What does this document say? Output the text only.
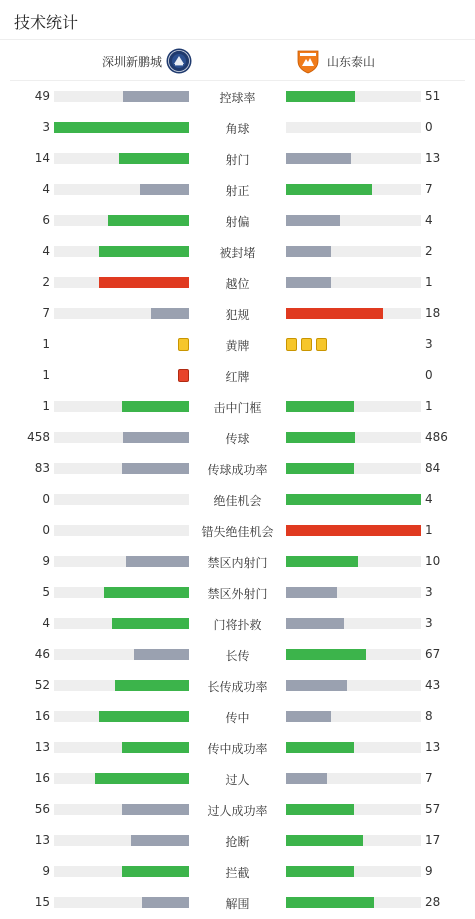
技术统计
深圳新鹏城	山东泰山
49	控球率	51
3	角球	0
14	射门	13
4	射正	7
6	射偏	4
4	被封堵	2
2	越位	1
7	犯规	18
1	黄牌	3
1	红牌	0
1	击中门框	1
458	传球	486
83	传球成功率	84
0	绝佳机会	4
0	错失绝佳机会	1
9	禁区内射门	10
5	禁区外射门	3
4	门将扑救	3
46	长传	67
52	长传成功率	43
16	传中	8
13	传中成功率	13
16	过人	7
56	过人成功率	57
13	抢断	17
9	拦截	9
15	解围	28
